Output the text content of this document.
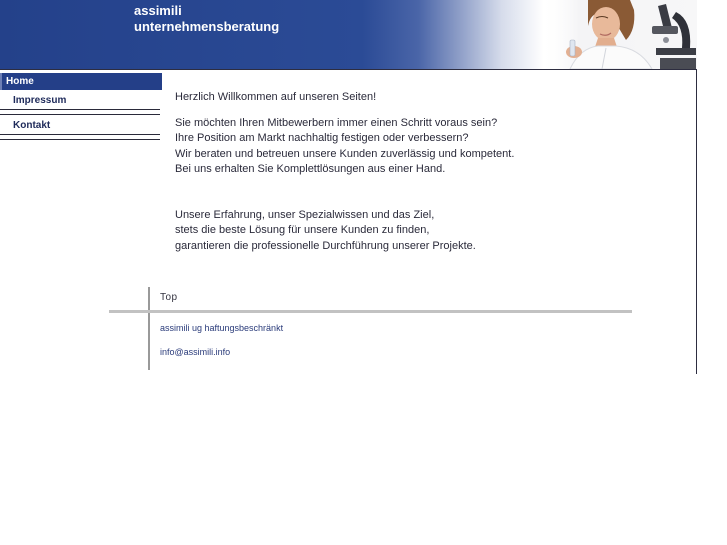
assimili
unternehmensberatung
Home
Impressum
Kontakt

Herzlich Willkommen auf unseren Seiten!

Sie möchten Ihren Mitbewerbern immer einen Schritt voraus sein?

Ihre Position am Markt nachhaltig festigen oder verbessern?

Wir beraten und betreuen unsere Kunden zuverlässig und kompetent.

Bei uns erhalten Sie Komplettlösungen aus einer Hand.

Unsere Erfahrung, unser Spezialwissen und das Ziel,

stets die beste Lösung für unsere Kunden zu finden,

garantieren die professionelle Durchführung unserer Projekte.

Top
assimili ug haftungsbeschränkt
info@assimili.info
